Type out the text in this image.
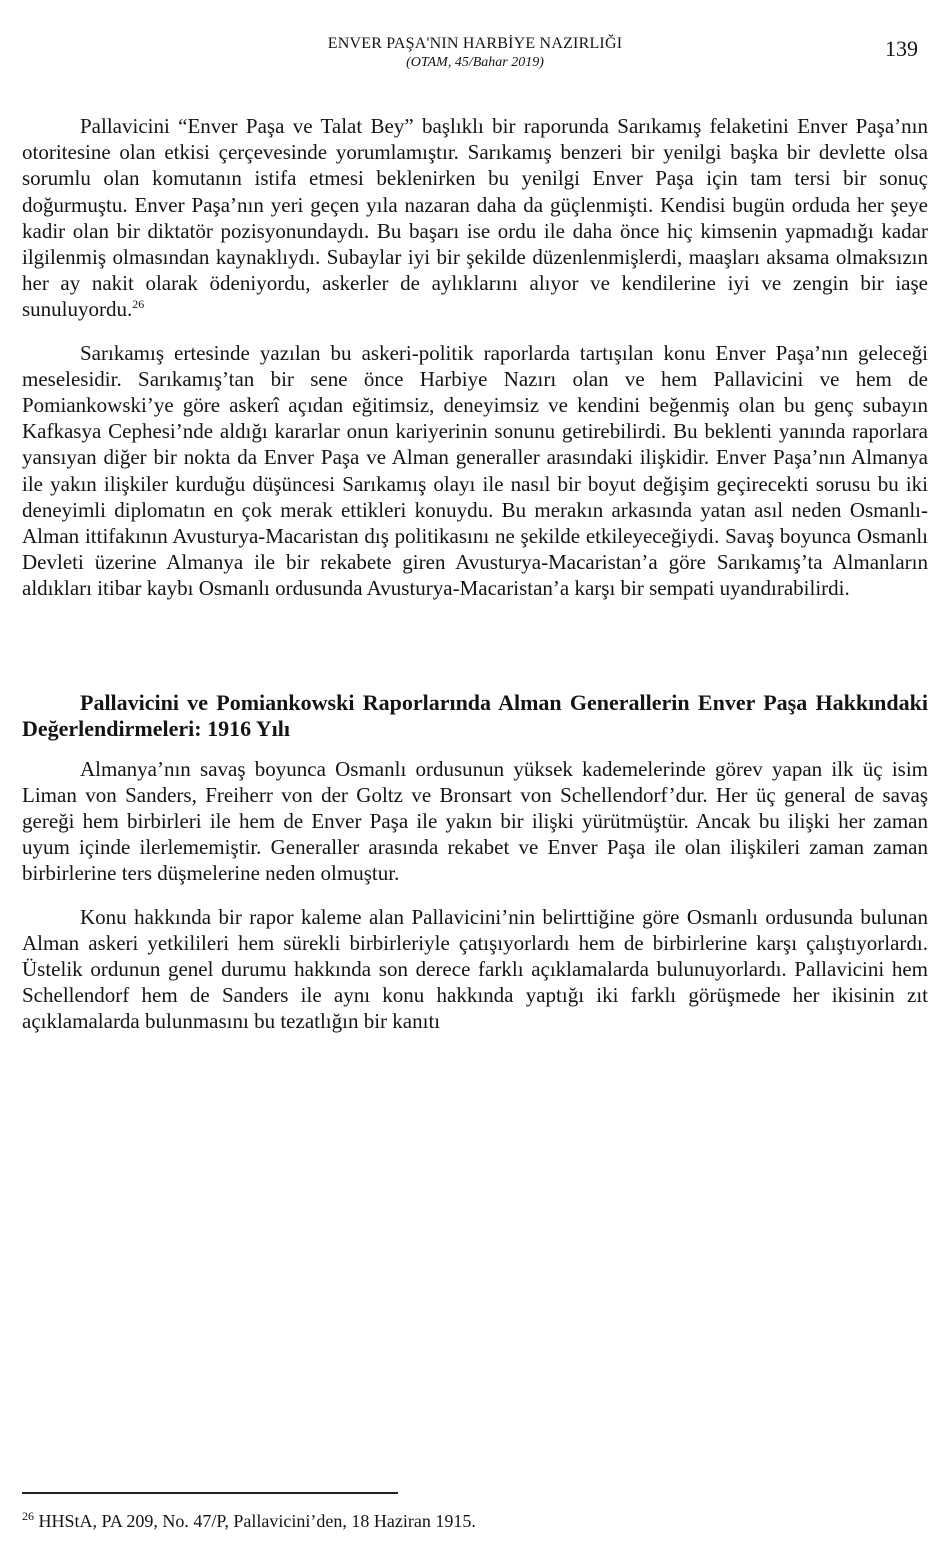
ENVER PAŞA'NIN HARBİYE NAZIRLIĞI
(OTAM, 45/Bahar 2019)
139

Pallavicini “Enver Paşa ve Talat Bey” başlıklı bir raporunda Sarıkamış felaketini Enver Paşa’nın otoritesine olan etkisi çerçevesinde yorumlamıştır. Sarıkamış benzeri bir yenilgi başka bir devlette olsa sorumlu olan komutanın istifa etmesi beklenirken bu yenilgi Enver Paşa için tam tersi bir sonuç doğurmuştu. Enver Paşa’nın yeri geçen yıla nazaran daha da güçlenmişti. Kendisi bugün orduda her şeye kadir olan bir diktatör pozisyonundaydı. Bu başarı ise ordu ile daha önce hiç kimsenin yapmadığı kadar ilgilenmiş olmasından kaynaklıydı. Subaylar iyi bir şekilde düzenlenmişlerdi, maaşları aksama olmaksızın her ay nakit olarak ödeniyordu, askerler de aylıklarını alıyor ve kendilerine iyi ve zengin bir iaşe sunuluyordu.$^{26}$

Sarıkamış ertesinde yazılan bu askeri-politik raporlarda tartışılan konu Enver Paşa’nın geleceği meselesidir. Sarıkamış’tan bir sene önce Harbiye Nazırı olan ve hem Pallavicini ve hem de Pomiankowski’ye göre askerî açıdan eğitimsiz, deneyimsiz ve kendini beğenmiş olan bu genç subayın Kafkasya Cephesi’nde aldığı kararlar onun kariyerinin sonunu getirebilirdi. Bu beklenti yanında raporlara yansıyan diğer bir nokta da Enver Paşa ve Alman generaller arasındaki ilişkidir. Enver Paşa’nın Almanya ile yakın ilişkiler kurduğu düşüncesi Sarıkamış olayı ile nasıl bir boyut değişim geçirecekti sorusu bu iki deneyimli diplomatın en çok merak ettikleri konuydu. Bu merakın arkasında yatan asıl neden Osmanlı-Alman ittifakının Avusturya-Macaristan dış politikasını ne şekilde etkileyeceğiydi. Savaş boyunca Osmanlı Devleti üzerine Almanya ile bir rekabete giren Avusturya-Macaristan’a göre Sarıkamış’ta Almanların aldıkları itibar kaybı Osmanlı ordusunda Avusturya-Macaristan’a karşı bir sempati uyandırabilirdi.

Pallavicini ve Pomiankowski Raporlarında Alman Generallerin Enver Paşa Hakkındaki Değerlendirmeleri: 1916 Yılı

Almanya’nın savaş boyunca Osmanlı ordusunun yüksek kademelerinde görev yapan ilk üç isim Liman von Sanders, Freiherr von der Goltz ve Bronsart von Schellendorf’dur. Her üç general de savaş gereği hem birbirleri ile hem de Enver Paşa ile yakın bir ilişki yürütmüştür. Ancak bu ilişki her zaman uyum içinde ilerlememiştir. Generaller arasında rekabet ve Enver Paşa ile olan ilişkileri zaman zaman birbirlerine ters düşmelerine neden olmuştur.

Konu hakkında bir rapor kaleme alan Pallavicini’nin belirttiğine göre Osmanlı ordusunda bulunan Alman askeri yetkilileri hem sürekli birbirleriyle çatışıyorlardı hem de birbirlerine karşı çalıştıyorlardı. Üstelik ordunun genel durumu hakkında son derece farklı açıklamalarda bulunuyorlardı. Pallavicini hem Schellendorf hem de Sanders ile aynı konu hakkında yaptığı iki farklı görüşmede her ikisinin zıt açıklamalarda bulunmasını bu tezatlığın bir kanıtı

$^{26}$ HHStA, PA 209, No. 47/P, Pallavicini’den, 18 Haziran 1915.
